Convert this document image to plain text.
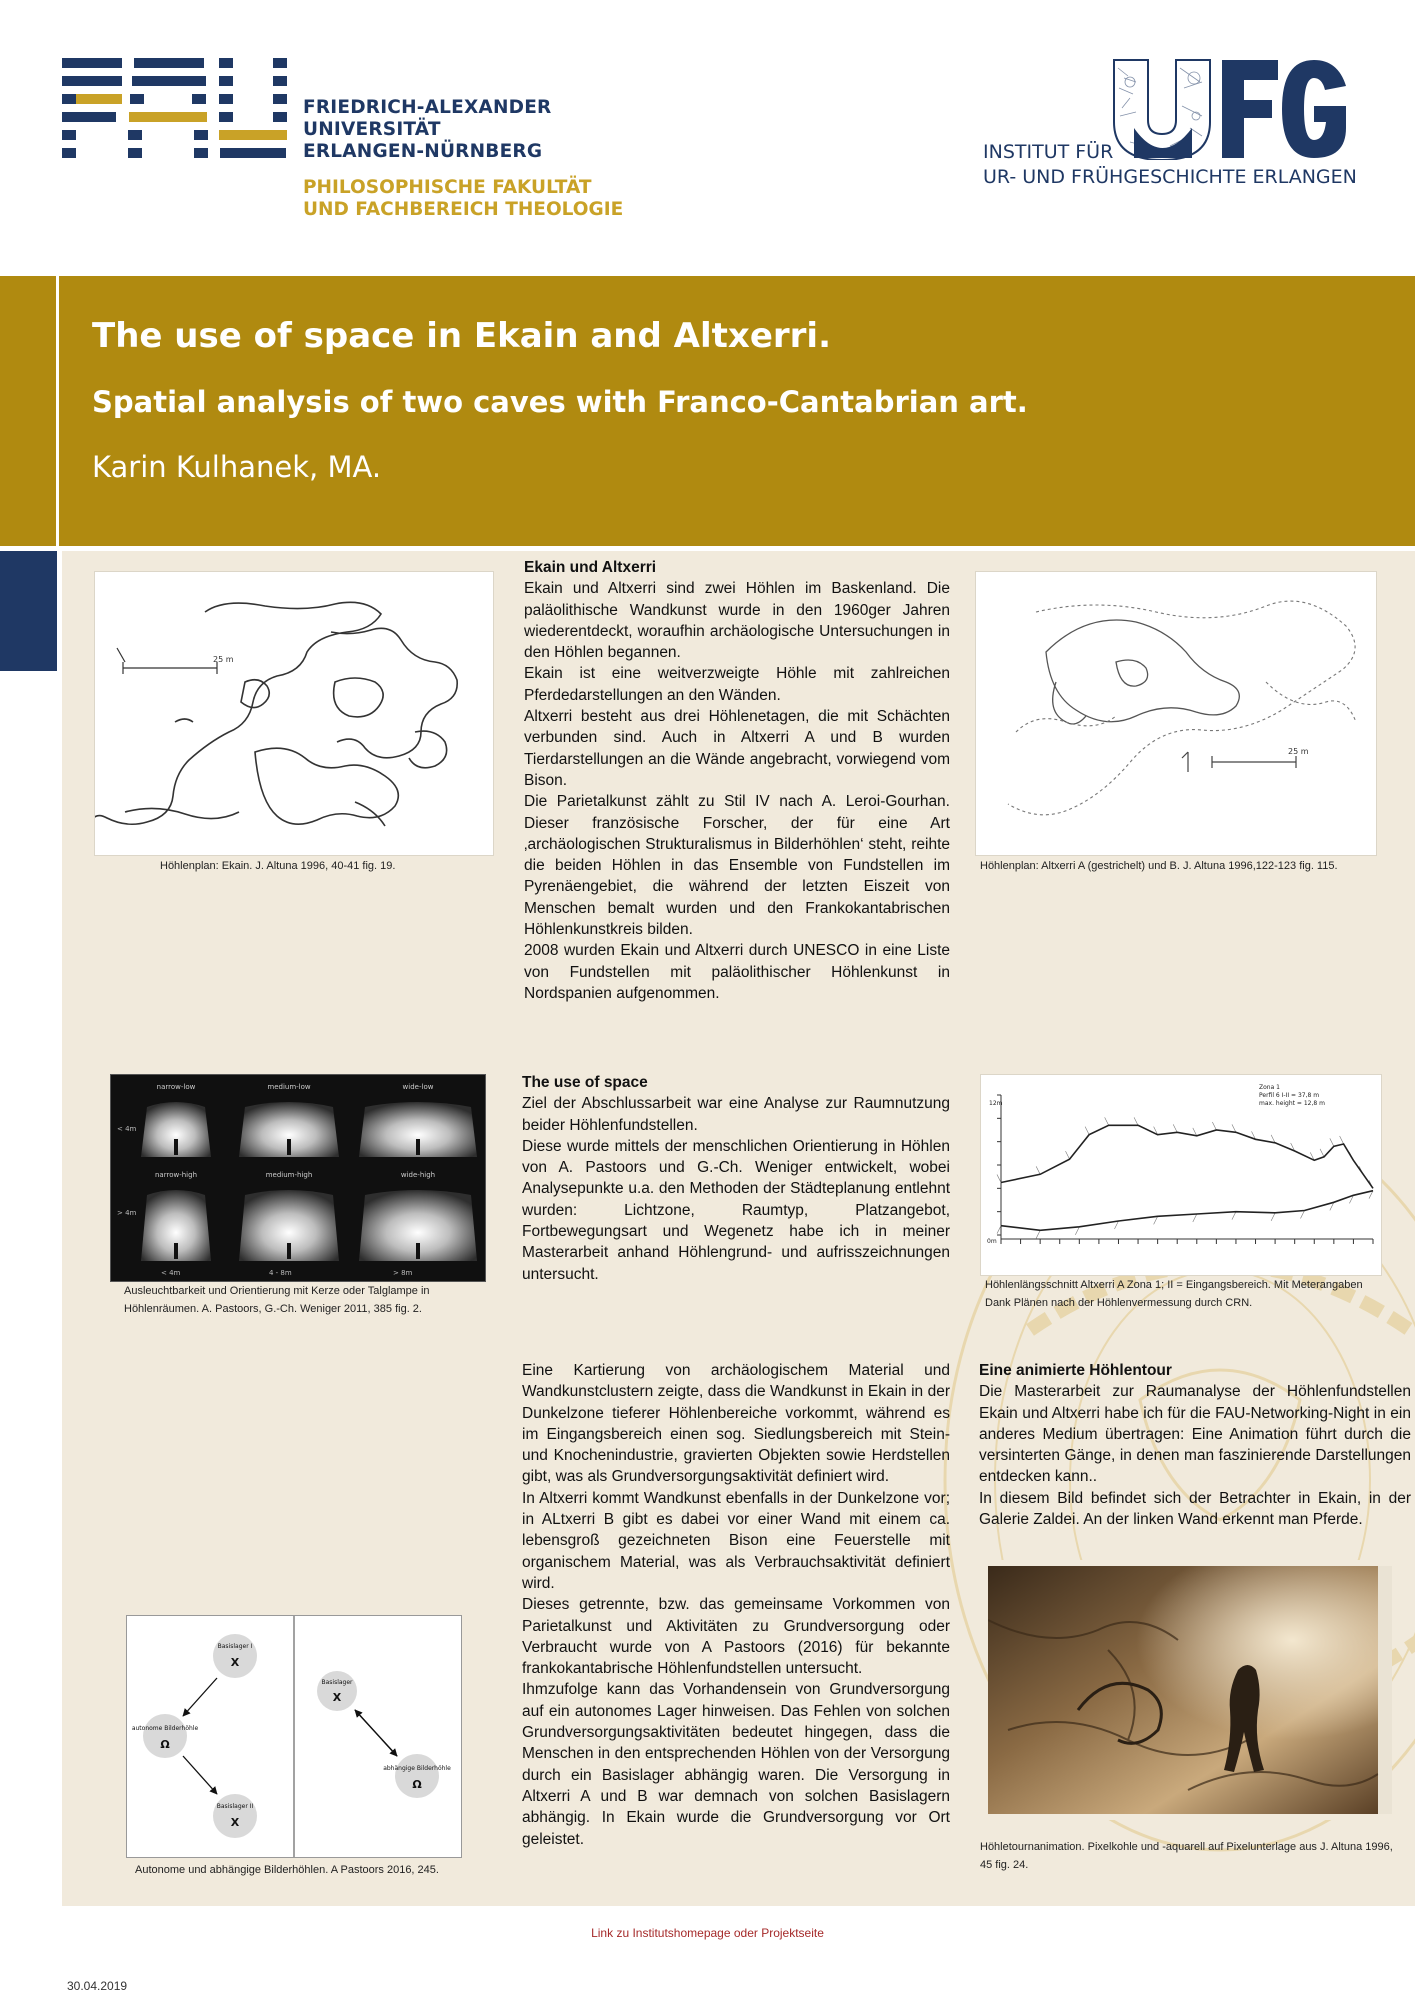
FRIEDRICH-ALEXANDER
UNIVERSITÄT
ERLANGEN-NÜRNBERG
PHILOSOPHISCHE FAKULTÄT
UND FACHBEREICH THEOLOGIE
INSTITUT FÜR
UR- UND FRÜHGESCHICHTE ERLANGEN
The use of space in Ekain and Altxerri.
Spatial analysis of two caves with Franco-Cantabrian art.
Karin Kulhanek, MA.
25 m
Höhlenplan: Ekain. J. Altuna 1996, 40-41 fig. 19.
25 m
Höhlenplan: Altxerri A (gestrichelt) und B. J. Altuna 1996,122-123 fig. 115.

Ekain und Altxerri

Ekain und Altxerri sind zwei Höhlen im Baskenland. Die paläolithische Wandkunst wurde in den 1960ger Jahren wiederentdeckt, woraufhin archäologische Untersuchungen in den Höhlen begannen.

Ekain ist eine weitverzweigte Höhle mit zahlreichen Pferdedarstellungen an den Wänden.

Altxerri besteht aus drei Höhlenetagen, die mit Schächten verbunden sind. Auch in Altxerri A und B wurden Tierdarstellungen an die Wände angebracht, vorwiegend vom Bison.

Die Parietalkunst zählt zu Stil IV nach A. Leroi-Gourhan. Dieser französische Forscher, der für eine Art ‚archäologischen Strukturalismus in Bilderhöhlen‘ steht, reihte die beiden Höhlen in das Ensemble von Fundstellen im Pyrenäengebiet, die während der letzten Eiszeit von Menschen bemalt wurden und den Frankokantabrischen Höhlenkunstkreis bilden.

2008 wurden Ekain und Altxerri durch UNESCO in eine Liste von Fundstellen mit paläolithischer Höhlenkunst in Nordspanien aufgenommen.

narrow-low	medium-low	wide-low
narrow-high	medium-high	wide-high
< 4m
> 4m
< 4m	4 - 8m	> 8m
Ausleuchtbarkeit und Orientierung mit Kerze oder Talglampe in Höhlenräumen. A. Pastoors, G.-Ch. Weniger 2011, 385 fig. 2.

The use of space

Ziel der Abschlussarbeit war eine Analyse zur Raumnutzung beider Höhlenfundstellen.

Diese wurde mittels der menschlichen Orientierung in Höhlen von A. Pastoors und G.-Ch. Weniger entwickelt, wobei Analysepunkte u.a. den Methoden der Städteplanung entlehnt wurden: Lichtzone, Raumtyp, Platzangebot, Fortbewegungsart und Wegenetz habe ich in meiner Masterarbeit anhand Höhlengrund- und aufrisszeichnungen untersucht.

Zona 1
Perfil 6 I-II = 37,8 m
max. height = 12,8 m
12m
0m
Höhlenlängsschnitt Altxerri A Zona 1; II = Eingangsbereich. Mit Meterangaben Dank Plänen nach der Höhlenvermessung durch CRN.

Eine Kartierung von archäologischem Material und Wandkunstclustern zeigte, dass die Wandkunst in Ekain in der Dunkelzone tieferer Höhlenbereiche vorkommt, während es im Eingangsbereich einen sog. Siedlungsbereich mit Stein- und Knochenindustrie, gravierten Objekten sowie Herdstellen gibt, was als Grundversorgungsaktivität definiert wird.

In Altxerri kommt Wandkunst ebenfalls in der Dunkelzone vor; in ALtxerri B gibt es dabei vor einer Wand mit einem ca. lebensgroß gezeichneten Bison eine Feuerstelle mit organischem Material, was als Verbrauchsaktivität definiert wird.

Dieses getrennte, bzw. das gemeinsame Vorkommen von Parietalkunst und Aktivitäten zu Grundversorgung oder Verbraucht wurde von A Pastoors (2016) für bekannte frankokantabrische Höhlenfundstellen untersucht.

Ihmzufolge kann das Vorhandensein von Grundversorgung auf ein autonomes Lager hinweisen. Das Fehlen von solchen Grundversorgungsaktivitäten bedeutet hingegen, dass die Menschen in den entsprechenden Höhlen von der Versorgung durch ein Basislager abhängig waren. Die Versorgung in Altxerri A und B war demnach von solchen Basislagern abhängig. In Ekain wurde die Grundversorgung vor Ort geleistet.

Basislager I
X
autonome Bilderhöhle
Ω
Basislager II
X
Basislager
X
abhängige Bilderhöhle
Ω
Autonome und abhängige Bilderhöhlen. A Pastoors 2016, 245.

Eine animierte Höhlentour

Die Masterarbeit zur Raumanalyse der Höhlenfundstellen Ekain und Altxerri habe ich für die FAU-Networking-Night in ein anderes Medium übertragen: Eine Animation führt durch die versinterten Gänge, in denen man faszinierende Darstellungen entdecken kann..

In diesem Bild befindet sich der Betrachter in Ekain, in der Galerie Zaldei. An der linken Wand erkennt man Pferde.

Höhletournanimation. Pixelkohle und -aquarell auf Pixelunterlage aus J. Altuna 1996, 45 fig. 24.
Link zu Institutshomepage oder Projektseite
30.04.2019
